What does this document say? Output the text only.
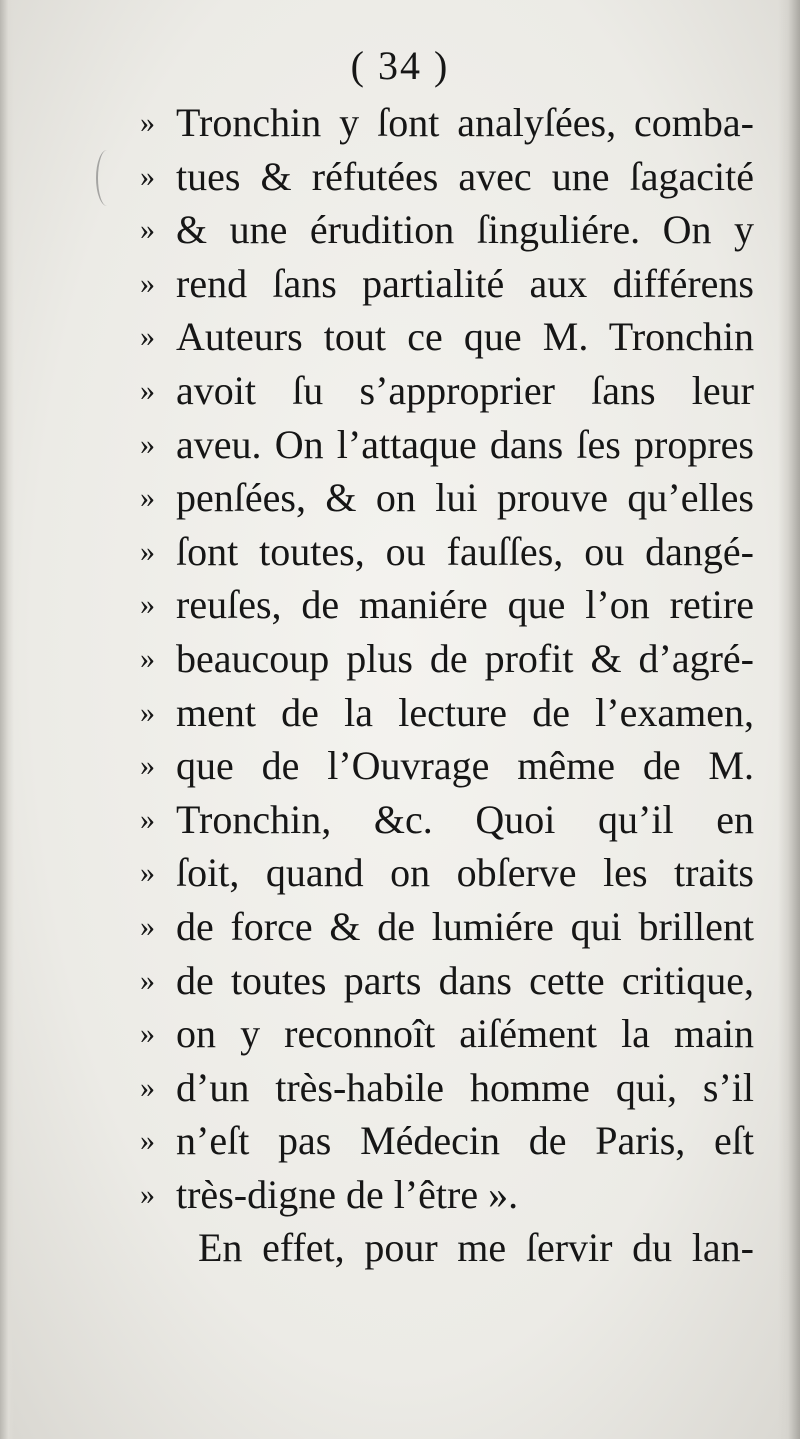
( 34 )
» Tronchin y ſont analyſées, comba-
» tues & réfutées avec une ſagacité
» & une érudition ſinguliére. On y
» rend ſans partialité aux différens
» Auteurs tout ce que M. Tronchin
» avoit ſu s’approprier ſans leur
» aveu. On l’attaque dans ſes propres
» penſées, & on lui prouve qu’elles
» ſont toutes, ou fauſſes, ou dangé-
» reuſes, de maniére que l’on retire
» beaucoup plus de profit & d’agré-
» ment de la lecture de l’examen,
» que de l’Ouvrage même de M.
» Tronchin, &c. Quoi qu’il en
» ſoit, quand on obſerve les traits
» de force & de lumiére qui brillent
» de toutes parts dans cette critique,
» on y reconnoît aiſément la main
» d’un très-habile homme qui, s’il
» n’eſt pas Médecin de Paris, eſt
» très-digne de l’être ».
En effet, pour me ſervir du lan-
